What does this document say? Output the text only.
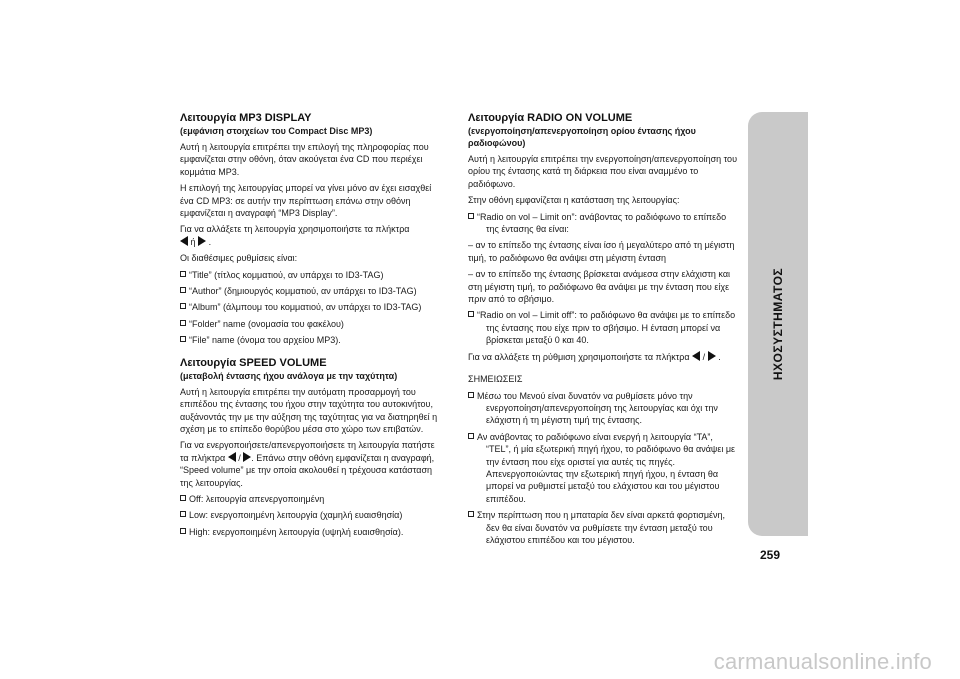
Λειτουργία MP3 DISPLAY
(εμφάνιση στοιχείων του Compact Disc MP3)

Αυτή η λειτουργία επιτρέπει την επιλογή της πληροφορίας που εμφανίζεται στην οθόνη, όταν ακούγεται ένα CD που περιέχει κομμάτια MP3.

Η επιλογή της λειτουργίας μπορεί να γίνει μόνο αν έχει εισαχθεί ένα CD MP3: σε αυτήν την περίπτωση επάνω στην οθόνη εμφανίζεται η αναγραφή “MP3 Display”.

Για να αλλάξετε τη λειτουργία χρησιμοποιήστε τα πλήκτρα
ή .

Οι διαθέσιμες ρυθμίσεις είναι:

“Title” (τίτλος κομματιού, αν υπάρχει το ID3-TAG)
“Author” (δημιουργός κομματιού, αν υπάρχει το ID3-TAG)
“Album” (άλμπουμ του κομματιού, αν υπάρχει το ID3-TAG)
“Folder” name (ονομασία του φακέλου)
“File” name (όνομα του αρχείου MP3).
Λειτουργία SPEED VOLUME
(μεταβολή έντασης ήχου ανάλογα με την ταχύτητα)

Αυτή η λειτουργία επιτρέπει την αυτόματη προσαρμογή του επιπέδου της έντασης του ήχου στην ταχύτητα του αυτοκινήτου, αυξάνοντάς την με την αύξηση της ταχύτητας για να διατηρηθεί η σχέση με το επίπεδο θορύβου μέσα στο χώρο των επιβατών.

Για να ενεργοποιήσετε/απενεργοποιήσετε τη λειτουργία πατήστε τα πλήκτρα / . Επάνω στην οθόνη εμφανίζεται η αναγραφή, “Speed volume” με την οποία ακολουθεί η τρέχουσα κατάσταση της λειτουργίας.

Off: λειτουργία απενεργοποιημένη
Low: ενεργοποιημένη λειτουργία (χαμηλή ευαισθησία)
High: ενεργοποιημένη λειτουργία (υψηλή ευαισθησία).
Λειτουργία RADIO ON VOLUME
(ενεργοποίηση/απενεργοποίηση ορίου έντασης ήχου ραδιοφώνου)

Αυτή η λειτουργία επιτρέπει την ενεργοποίηση/απενεργοποίηση του ορίου της έντασης κατά τη διάρκεια που είναι αναμμένο το ραδιόφωνο.

Στην οθόνη εμφανίζεται η κατάσταση της λειτουργίας:

“Radio on vol – Limit on”: ανάβοντας το ραδιόφωνο το επίπεδο της έντασης θα είναι:

– αν το επίπεδο της έντασης είναι ίσο ή μεγαλύτερο από τη μέγιστη τιμή, το ραδιόφωνο θα ανάψει στη μέγιστη ένταση

– αν το επίπεδο της έντασης βρίσκεται ανάμεσα στην ελάχιστη και στη μέγιστη τιμή, το ραδιόφωνο θα ανάψει με την ένταση που είχε πριν από το σβήσιμο.

“Radio on vol – Limit off”: το ραδιόφωνο θα ανάψει με το επίπεδο της έντασης που είχε πριν το σβήσιμο. Η ένταση μπορεί να βρίσκεται μεταξύ 0 και 40.

Για να αλλάξετε τη ρύθμιση χρησιμοποιήστε τα πλήκτρα / .

ΣΗΜΕΙΩΣΕΙΣ

Μέσω του Μενού είναι δυνατόν να ρυθμίσετε μόνο την ενεργοποίηση/απενεργοποίηση της λειτουργίας και όχι την ελάχιστη ή τη μέγιστη τιμή της έντασης.
Αν ανάβοντας το ραδιόφωνο είναι ενεργή η λειτουργία “TA”, “TEL”, ή μία εξωτερική πηγή ήχου, το ραδιόφωνο θα ανάψει με την ένταση που είχε οριστεί για αυτές τις πηγές. Απενεργοποιώντας την εξωτερική πηγή ήχου, η ένταση θα μπορεί να ρυθμιστεί μεταξύ του ελάχιστου και του μέγιστου επιπέδου.
Στην περίπτωση που η μπαταρία δεν είναι αρκετά φορτισμένη, δεν θα είναι δυνατόν να ρυθμίσετε την ένταση μεταξύ του ελάχιστου επιπέδου και του μέγιστου.
ΗΧΟΣΥΣΤΗΜΑΤΟΣ
259
carmanualsonline.info
